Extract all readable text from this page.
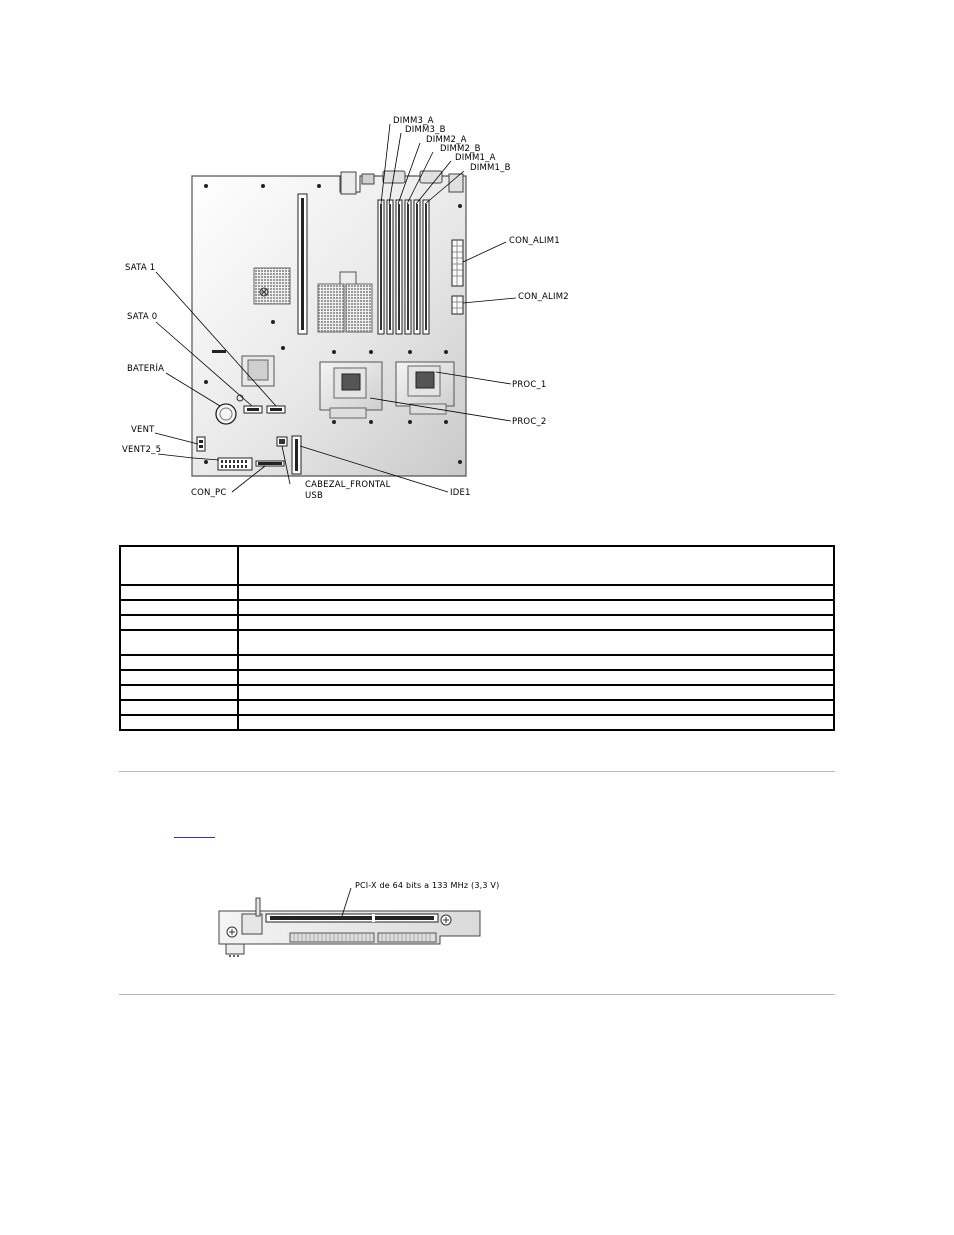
DIMM3_A
DIMM3_B
DIMM2_A
DIMM2_B
DIMM1_A
DIMM1_B
CON_ALIM1
CON_ALIM2
SATA 1
SATA 0
BATERÍA
VENT
VENT2_5
CON_PC
CABEZAL_FRONTAL
USB	IDE1
PROC_1
PROC_2

PCI-X de 64 bits a 133 MHz (3,3 V)
